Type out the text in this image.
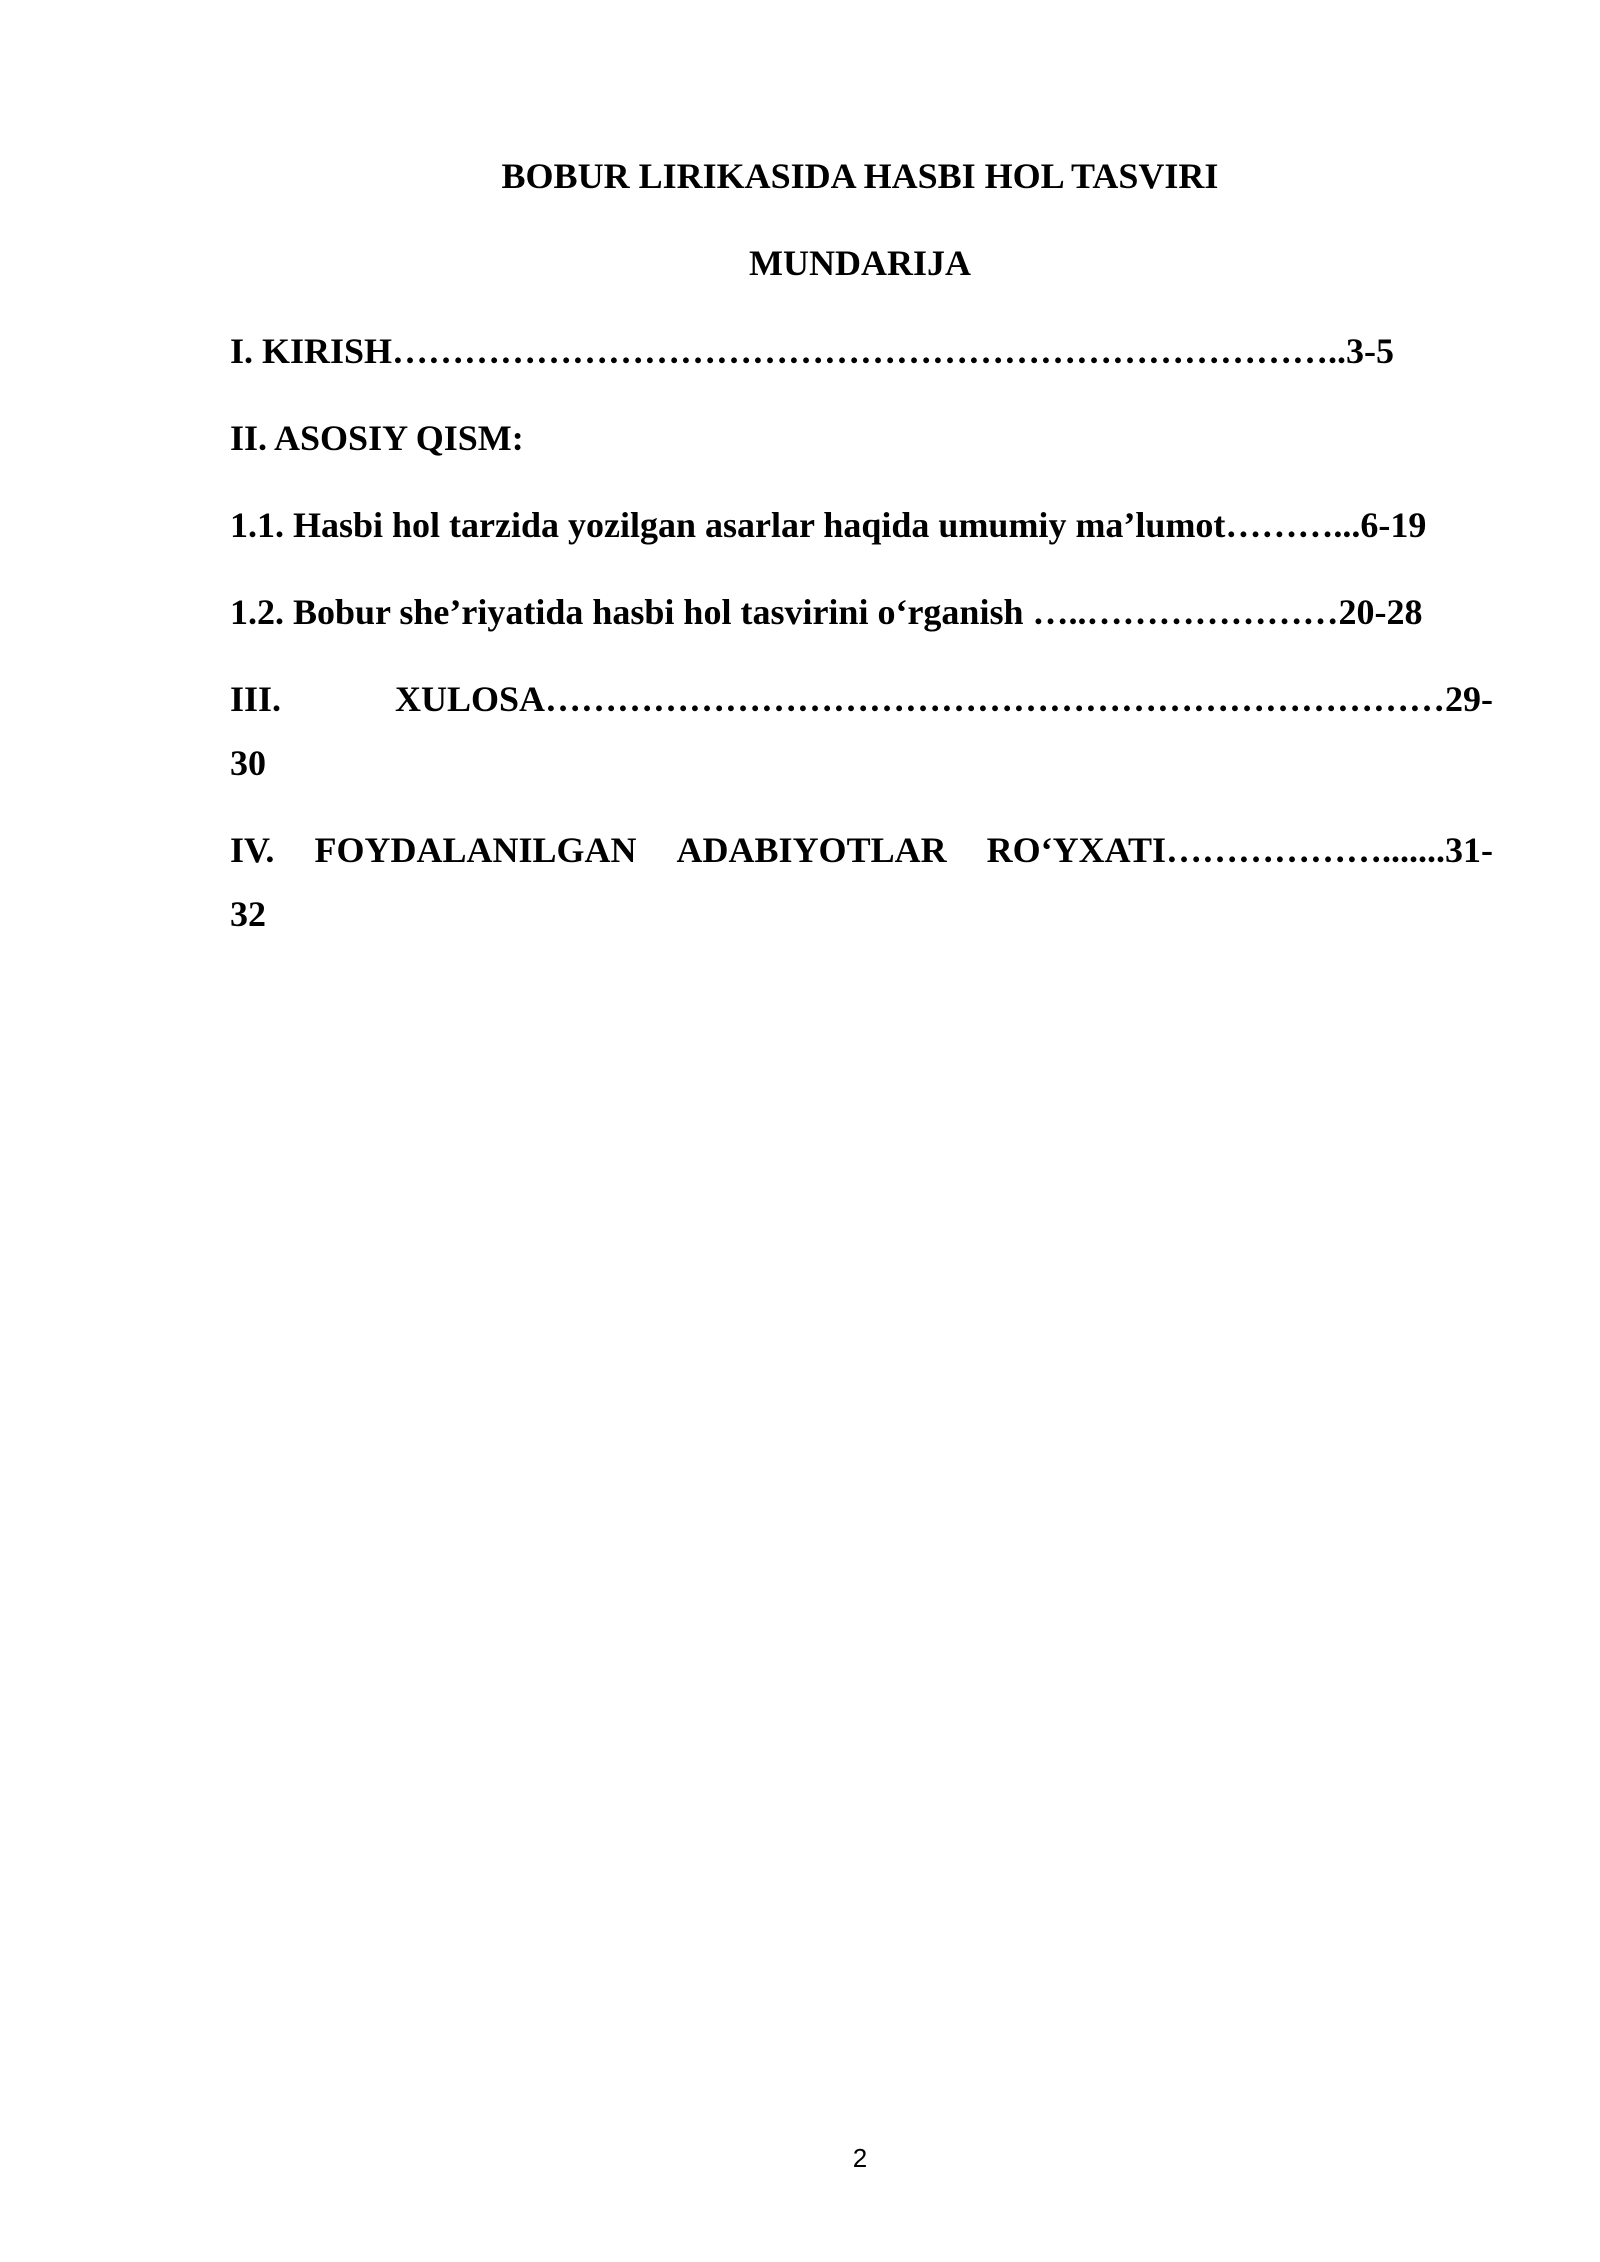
BOBUR LIRIKASIDA HASBI HOL TASVIRI
MUNDARIJA
I. KIRISH……………………………………………………………………..3-5
II. ASOSIY QISM:
1.1. Hasbi hol tarzida yozilgan asarlar haqida umumiy ma’lumot………...6-19
1.2. Bobur she’riyatida hasbi hol tasvirini o‘rganish …..…………………20-28
III.	XULOSA…………………………………………………………………29-
30
IV. FOYDALANILGAN ADABIYOTLAR RO‘YXATI……………….......31-
32
2
